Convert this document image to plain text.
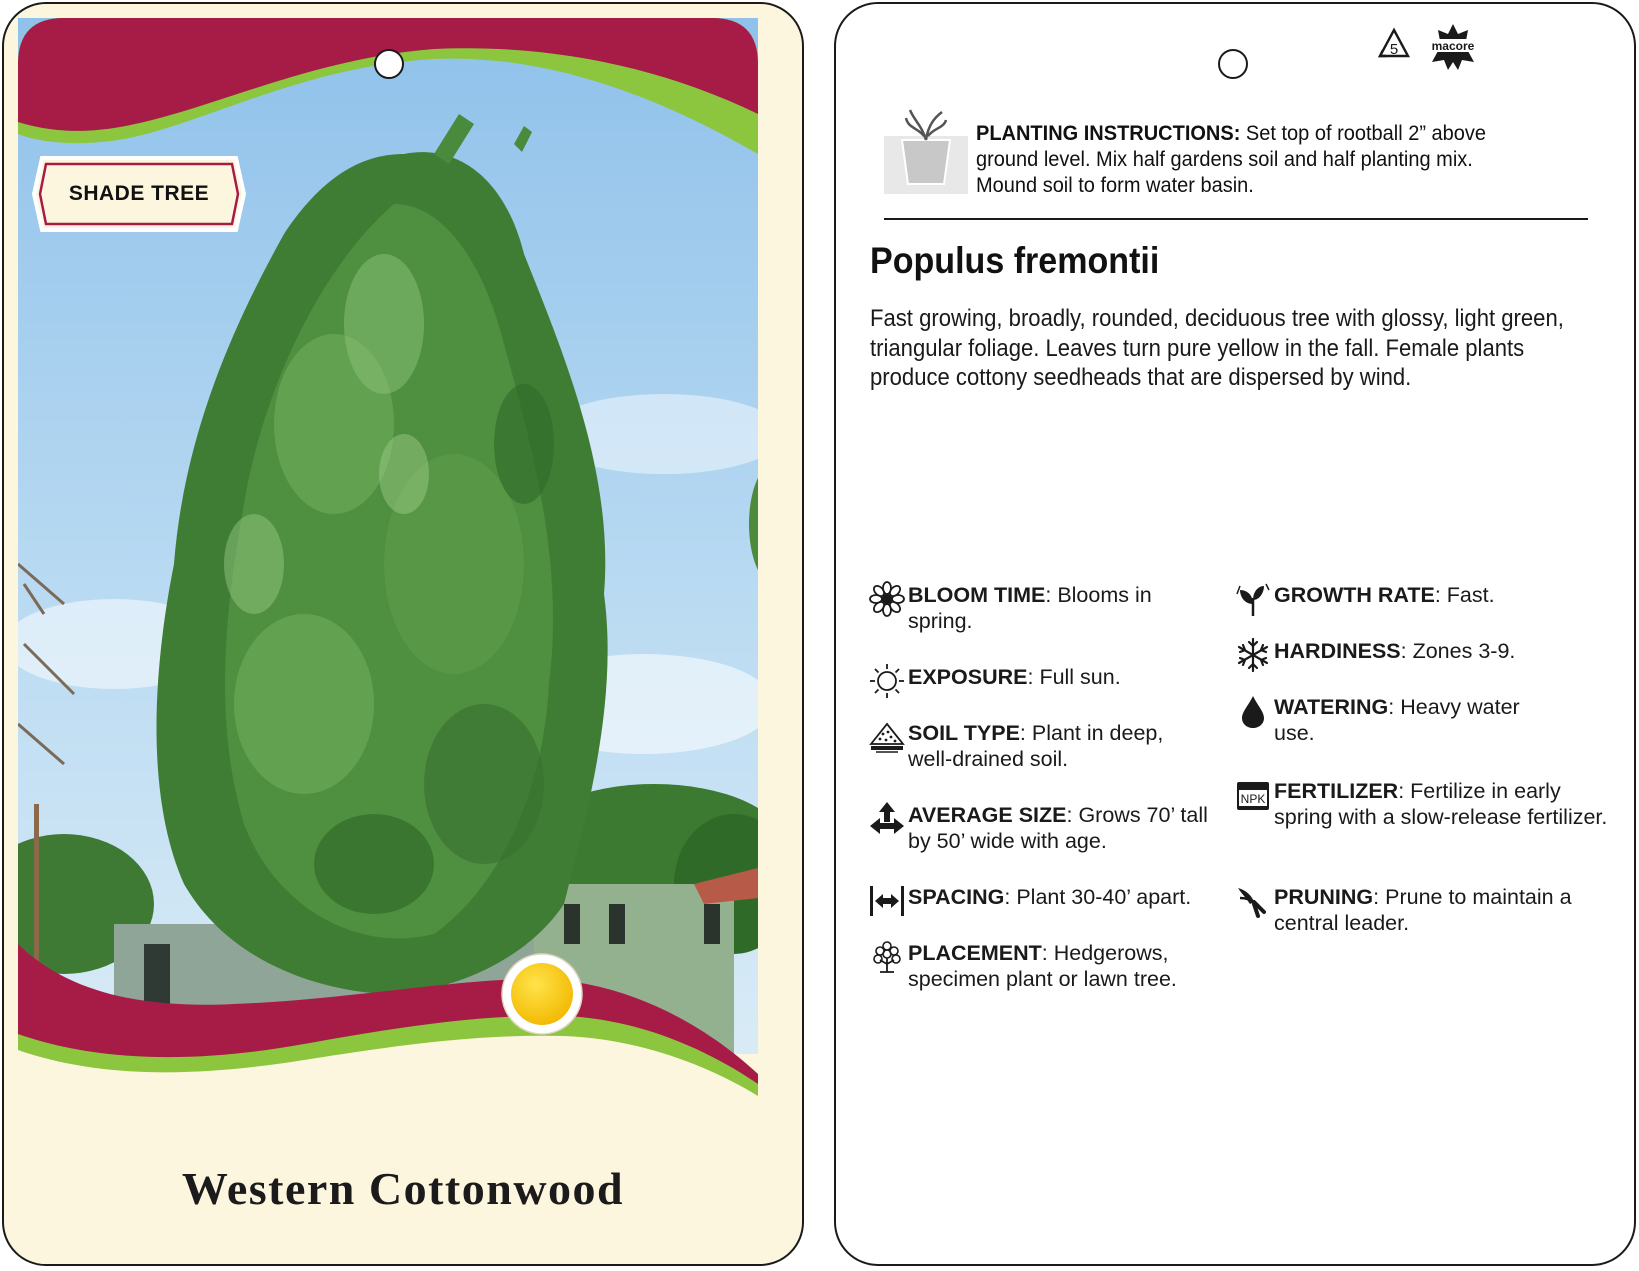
SHADE TREE
Western Cottonwood
5	macore
PLANTING INSTRUCTIONS: Set top of rootball 2” above ground level. Mix half gardens soil and half planting mix. Mound soil to form water basin.
Populus fremontii
Fast growing, broadly, rounded, deciduous tree with glossy, light green, triangular foliage. Leaves turn pure yellow in the fall. Female plants produce cottony seedheads that are dispersed by wind.
BLOOM TIME: Blooms in spring.
EXPOSURE: Full sun.
SOIL TYPE: Plant in deep, well-drained soil.
AVERAGE SIZE: Grows 70’ tall by 50’ wide with age.
SPACING: Plant 30-40’ apart.
PLACEMENT: Hedgerows, specimen plant or lawn tree.
GROWTH RATE: Fast.
HARDINESS: Zones 3-9.
WATERING: Heavy water use.
NPK FERTILIZER: Fertilize in early spring with a slow-release fertilizer.
PRUNING: Prune to maintain a central leader.
